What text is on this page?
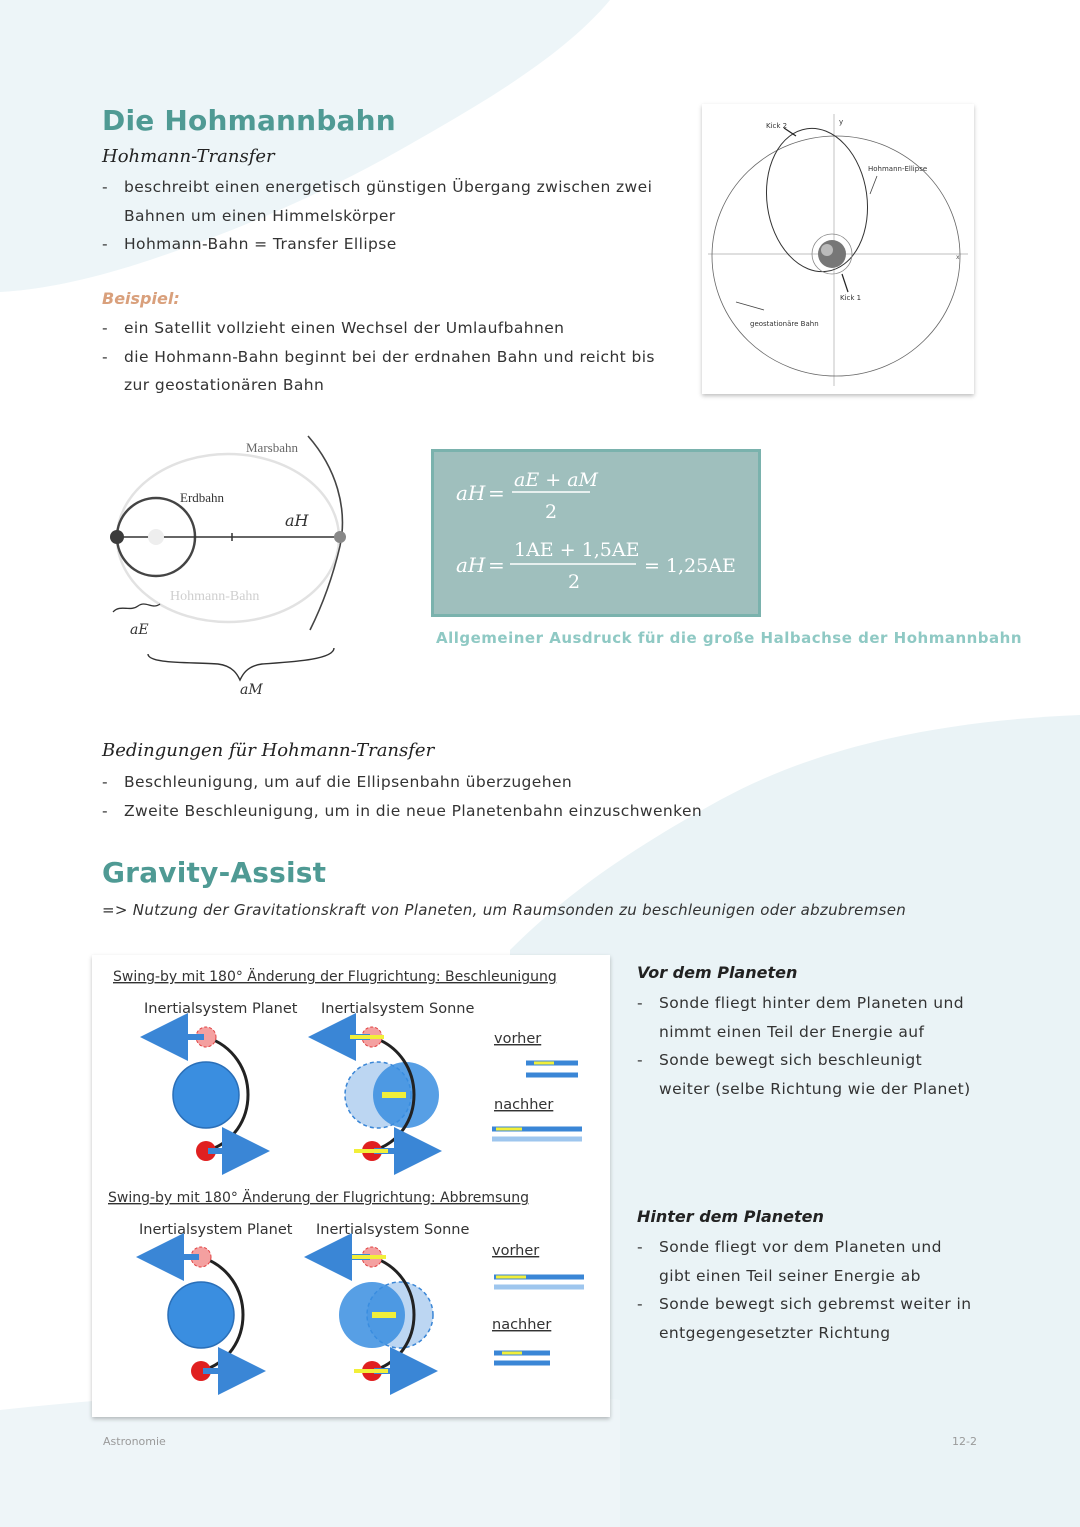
Die Hohmannbahn
Hohmann-Transfer
- beschreibt einen energetisch günstigen Übergang zwischen zwei Bahnen um einen Himmelskörper
- Hohmann-Bahn = Transfer Ellipse
Beispiel:
- ein Satellit vollzieht einen Wechsel der Umlaufbahnen
- die Hohmann-Bahn beginnt bei der erdnahen Bahn und reicht bis zur geostationären Bahn
Kick 2	y
Hohmann-Ellipse
x
Kick 1
geostationäre Bahn
Marsbahn
Erdbahn
Hohmann-Bahn
aH
aE
aM
aH =
aE + aM
2
aH =
1AE + 1,5AE
2
= 1,25AE
Allgemeiner Ausdruck für die große Halbachse der Hohmannbahn
Bedingungen für Hohmann-Transfer
- Beschleunigung, um auf die Ellipsenbahn überzugehen
- Zweite Beschleunigung, um in die neue Planetenbahn einzuschwenken
Gravity-Assist
=> Nutzung der Gravitationskraft von Planeten, um Raumsonden zu beschleunigen oder abzubremsen
Swing-by mit 180° Änderung der Flugrichtung: Beschleunigung
Inertialsystem Planet Inertialsystem Sonne
vorher
nachher
Swing-by mit 180° Änderung der Flugrichtung: Abbremsung
Inertialsystem Planet Inertialsystem Sonne
vorher
nachher
Vor dem Planeten
- Sonde fliegt hinter dem Planeten und nimmt einen Teil der Energie auf
- Sonde bewegt sich beschleunigt weiter (selbe Richtung wie der Planet)
Hinter dem Planeten
- Sonde fliegt vor dem Planeten und gibt einen Teil seiner Energie ab
- Sonde bewegt sich gebremst weiter in entgegengesetzter Richtung
Astronomie	12-2
